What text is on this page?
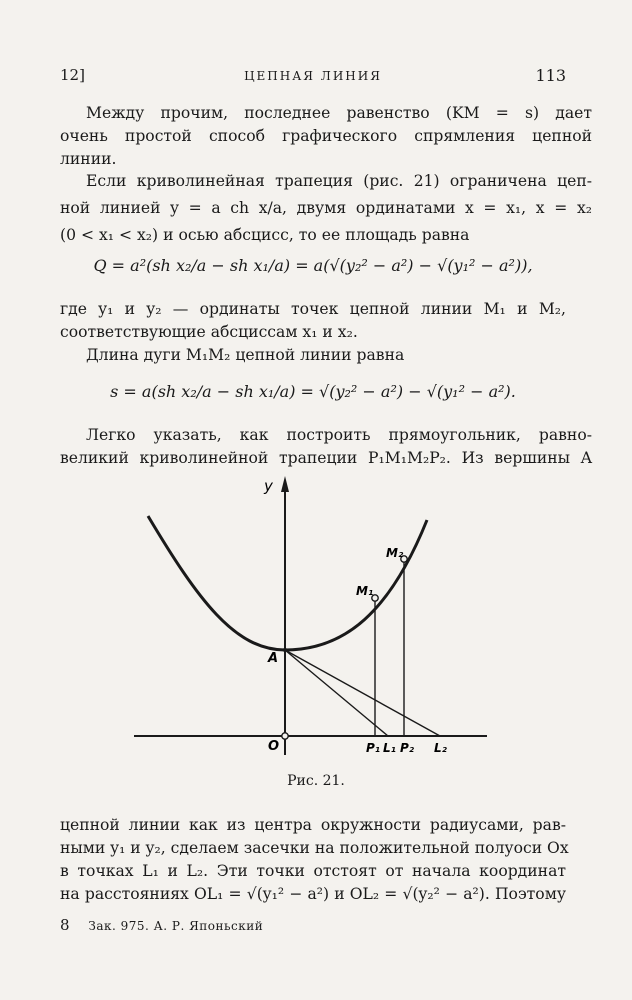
12]	ЦЕПНАЯ ЛИНИЯ	113
Между прочим, последнее равенство (KM = s) дает
очень простой способ графического спрямления цепной
линии.
Если криволинейная трапеция (рис. 21) ограничена цеп-
ной линией y = a ch x/a, двумя ординатами x = x₁, x = x₂
(0 < x₁ < x₂) и осью абсцисс, то ее площадь равна
Q = a²(sh x₂/a − sh x₁/a) = a(√(y₂² − a²) − √(y₁² − a²)),
где y₁ и y₂ — ординаты точек цепной линии M₁ и M₂,
соответствующие абсциссам x₁ и x₂.
Длина дуги M₁M₂ цепной линии равна
s = a(sh x₂/a − sh x₁/a) = √(y₂² − a²) − √(y₁² − a²).
Легко указать, как построить прямоугольник, равно-
великий криволинейной трапеции P₁M₁M₂P₂. Из вершины A
y
O
A
M₁
M₂
P₁ L₁ P₂ L₂
Рис. 21.
цепной линии как из центра окружности радиусами, рав-
ными y₁ и y₂, сделаем засечки на положительной полуоси Ox
в точках L₁ и L₂. Эти точки отстоят от начала координат
на расстояниях OL₁ = √(y₁² − a²) и OL₂ = √(y₂² − a²). Поэтому
8 Зак. 975. А. Р. Японьский
